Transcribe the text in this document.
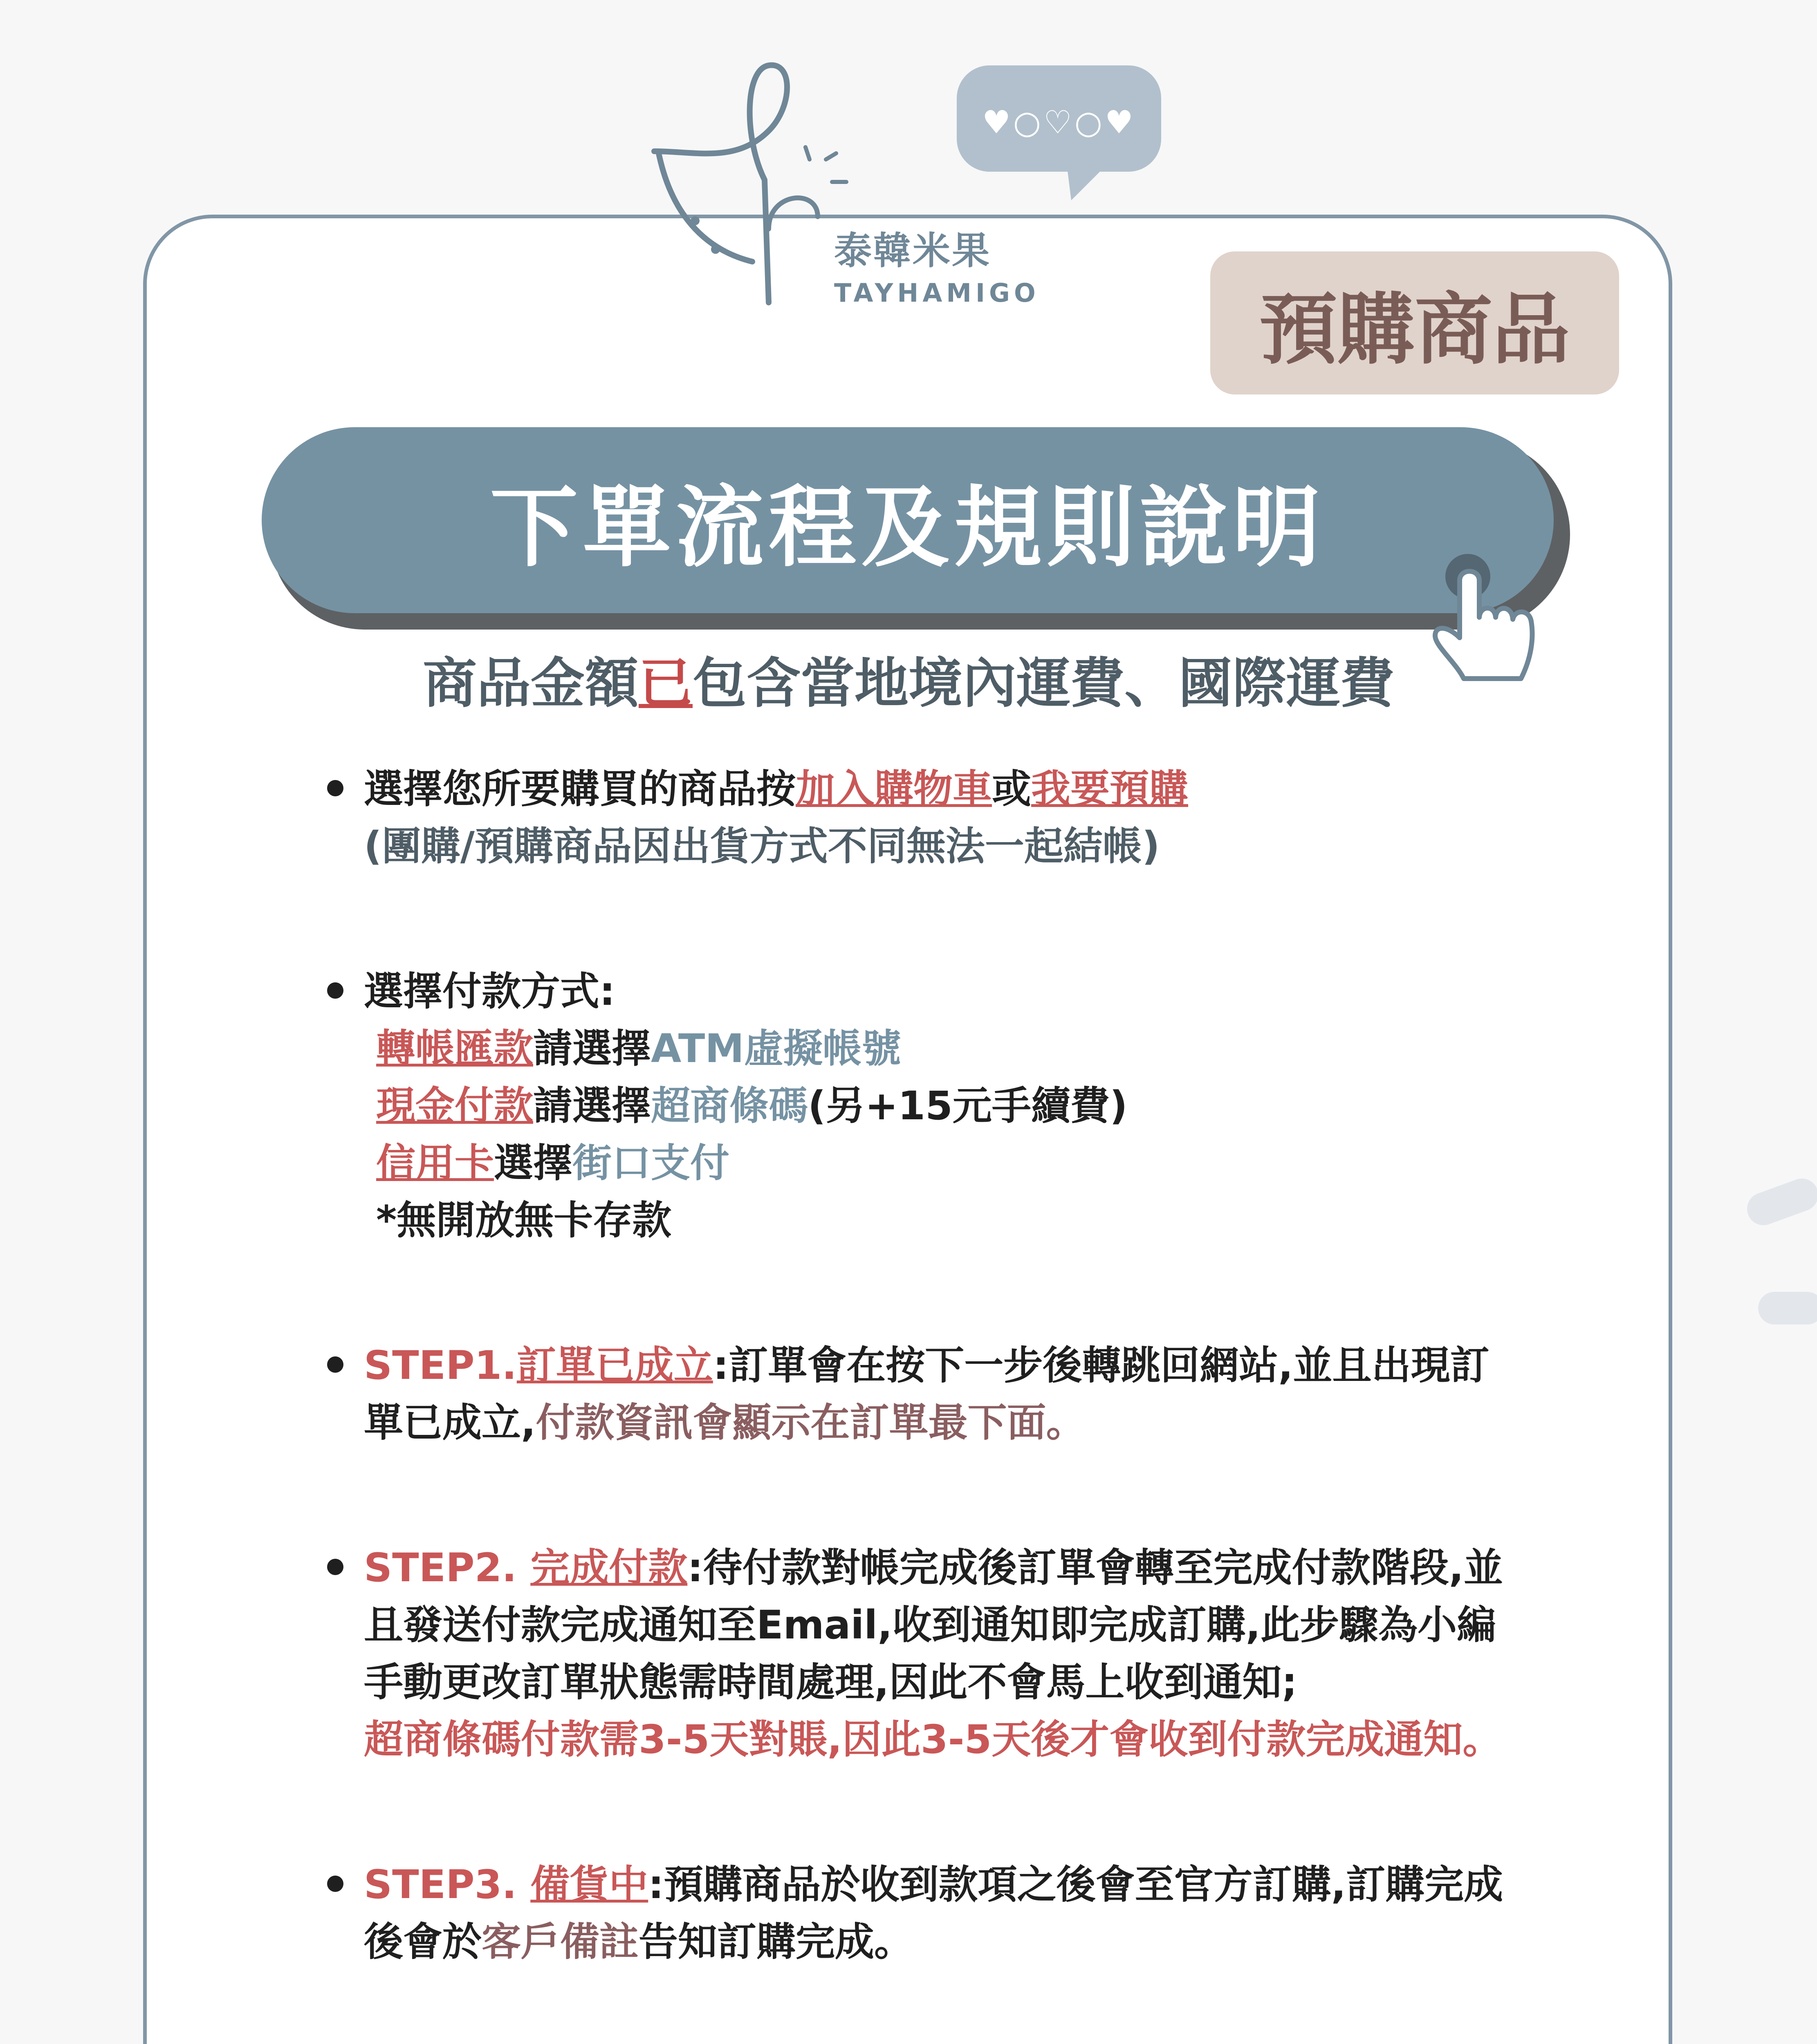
泰韓米果
TAYHAMIGO
♥○♡○♥
預購商品
下單流程及規則說明
商品金額已包含當地境內運費、國際運費
選擇您所要購買的商品按加入購物車或我要預購
(團購/預購商品因出貨方式不同無法一起結帳)
選擇付款方式:
轉帳匯款請選擇ATM虛擬帳號
現金付款請選擇超商條碼(另+15元手續費)
信用卡選擇街口支付
*無開放無卡存款
STEP1.訂單已成立:訂單會在按下一步後轉跳回網站,並且出現訂
單已成立,付款資訊會顯示在訂單最下面。
STEP2. 完成付款:待付款對帳完成後訂單會轉至完成付款階段,並
且發送付款完成通知至Email,收到通知即完成訂購,此步驟為小編
手動更改訂單狀態需時間處理,因此不會馬上收到通知;
超商條碼付款需3-5天對賬,因此3-5天後才會收到付款完成通知。
STEP3. 備貨中:預購商品於收到款項之後會至官方訂購,訂購完成
後會於客戶備註告知訂購完成。
